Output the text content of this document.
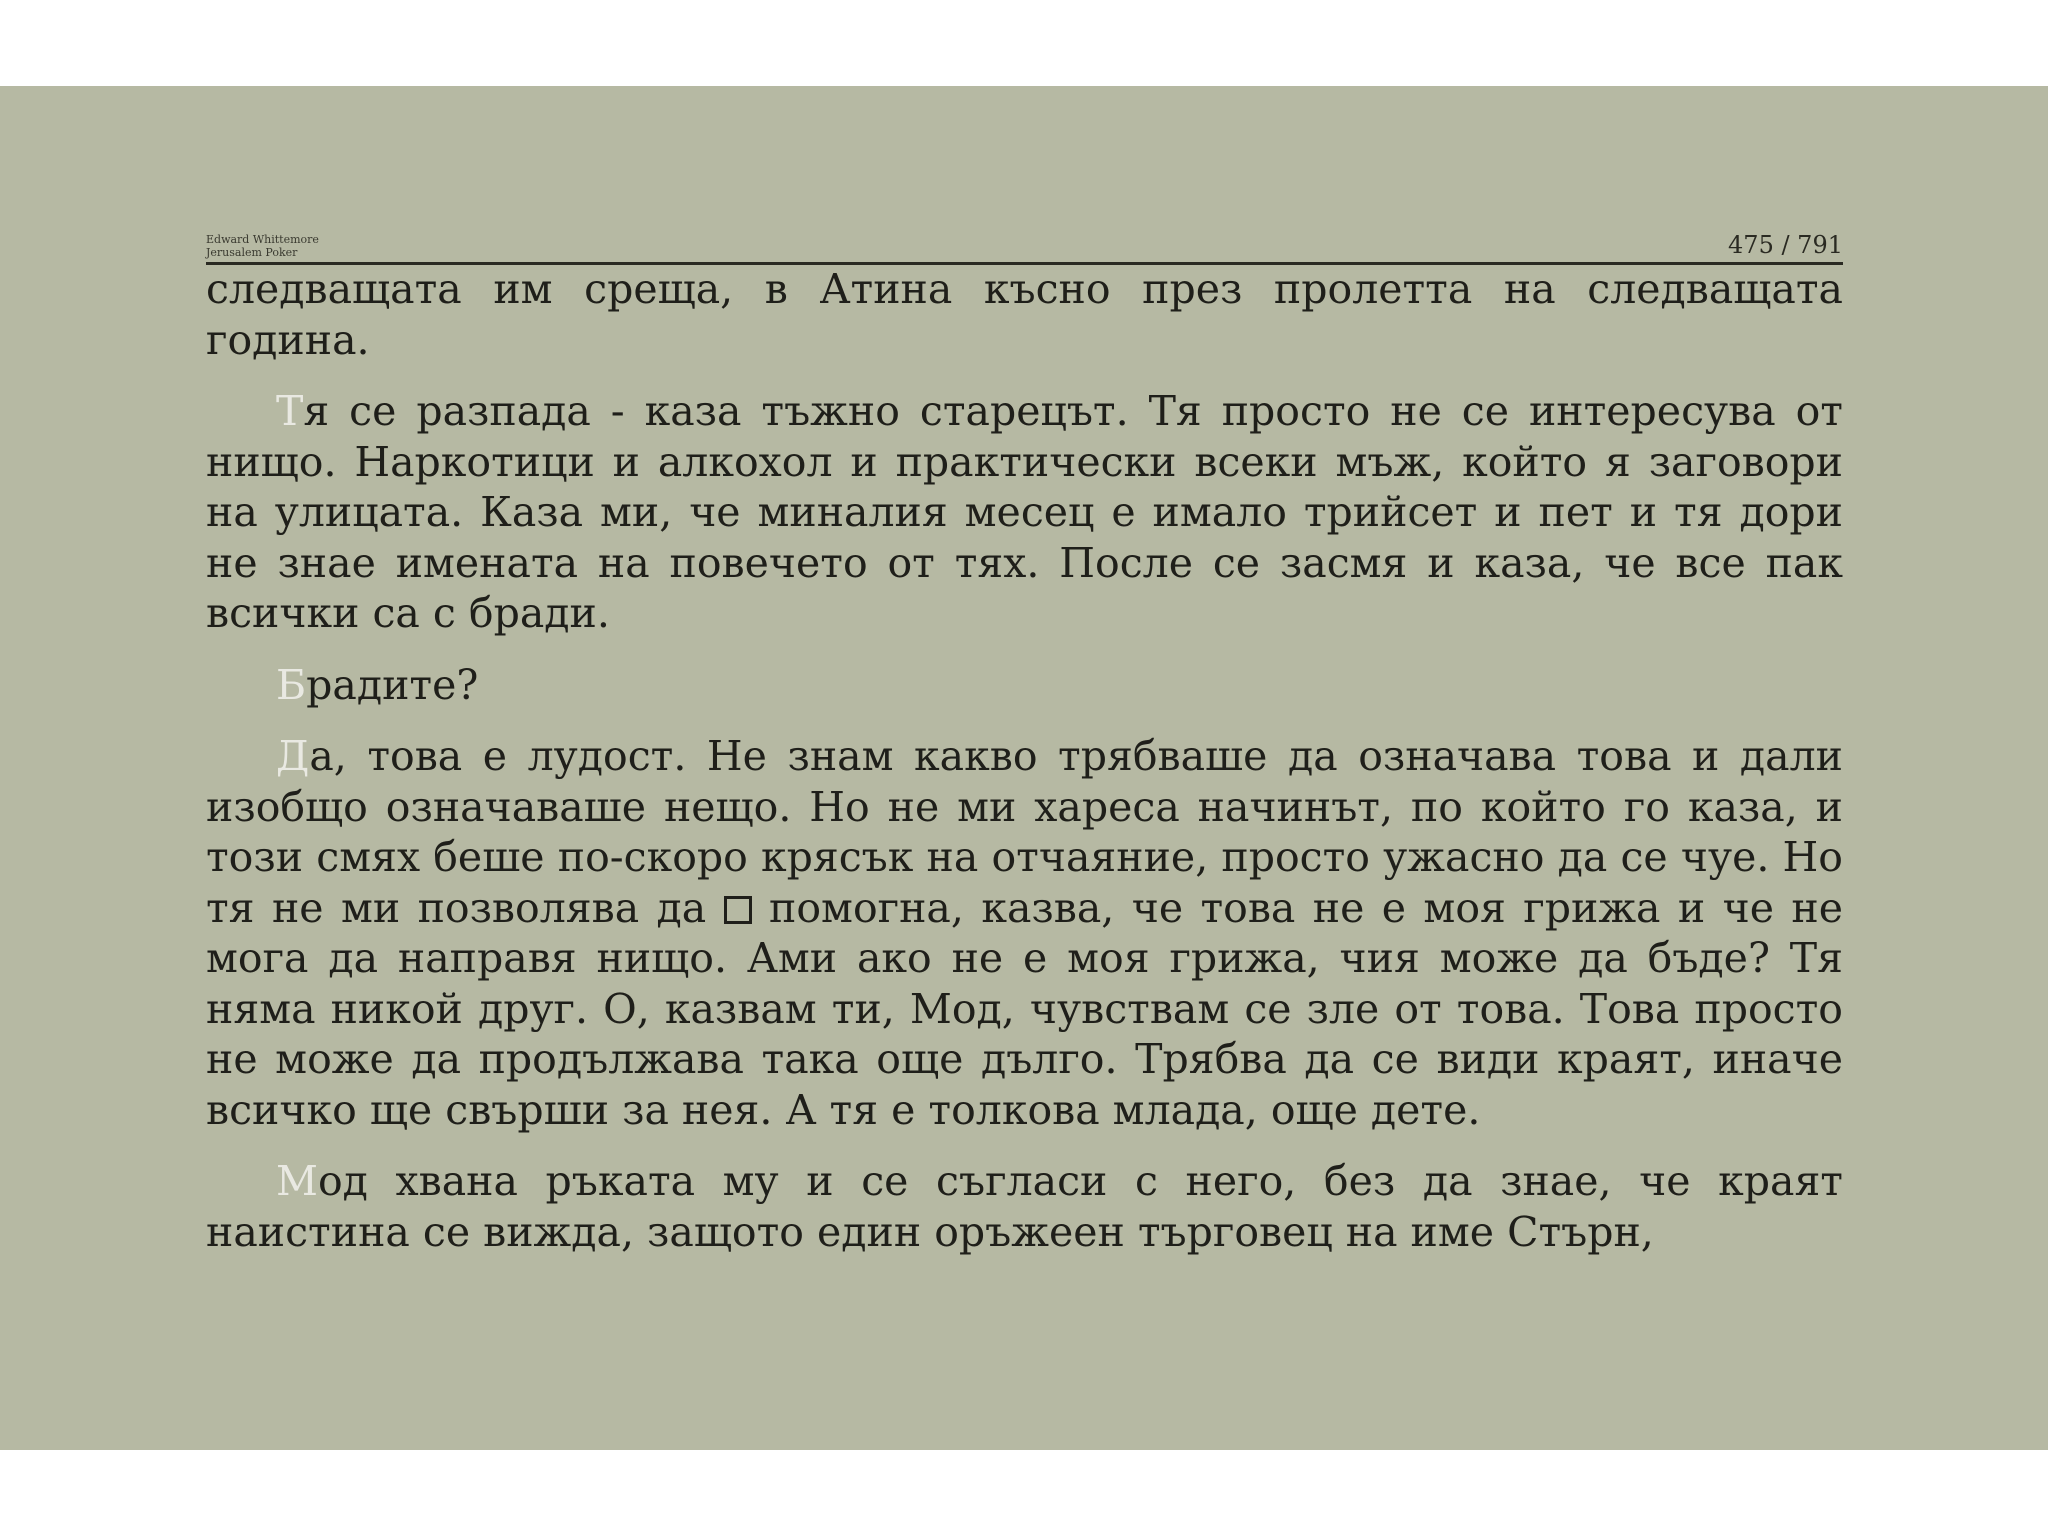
Edward Whittemore
Jerusalem Poker	475 / 791

следващата им среща, в Атина късно през пролетта на следващата година.

Тя се разпада - каза тъжно старецът. Тя просто не се интересува от нищо. Наркотици и алкохол и практически всеки мъж, който я заговори на улицата. Каза ми, че миналия месец е имало трийсет и пет и тя дори не знае имената на повечето от тях. После се засмя и каза, че все пак всички са с бради.

Брадите?

Да, това е лудост. Не знам какво трябваше да означава това и дали изобщо означаваше нещо. Но не ми хареса начинът, по който го каза, и този смях беше по-скоро крясък на отчаяние, просто ужасно да се чуе. Но тя не ми позволява да  помогна, казва, че това не е моя грижа и че не мога да направя нищо. Ами ако не е моя грижа, чия може да бъде? Тя няма никой друг. О, казвам ти, Мод, чувствам се зле от това. Това просто не може да продължава така още дълго. Трябва да се види краят, иначе всичко ще свърши за нея. А тя е толкова млада, още дете.

Мод хвана ръката му и се съгласи с него, без да знае, че краят наистина се вижда, защото един оръжеен търговец на име Стърн,
